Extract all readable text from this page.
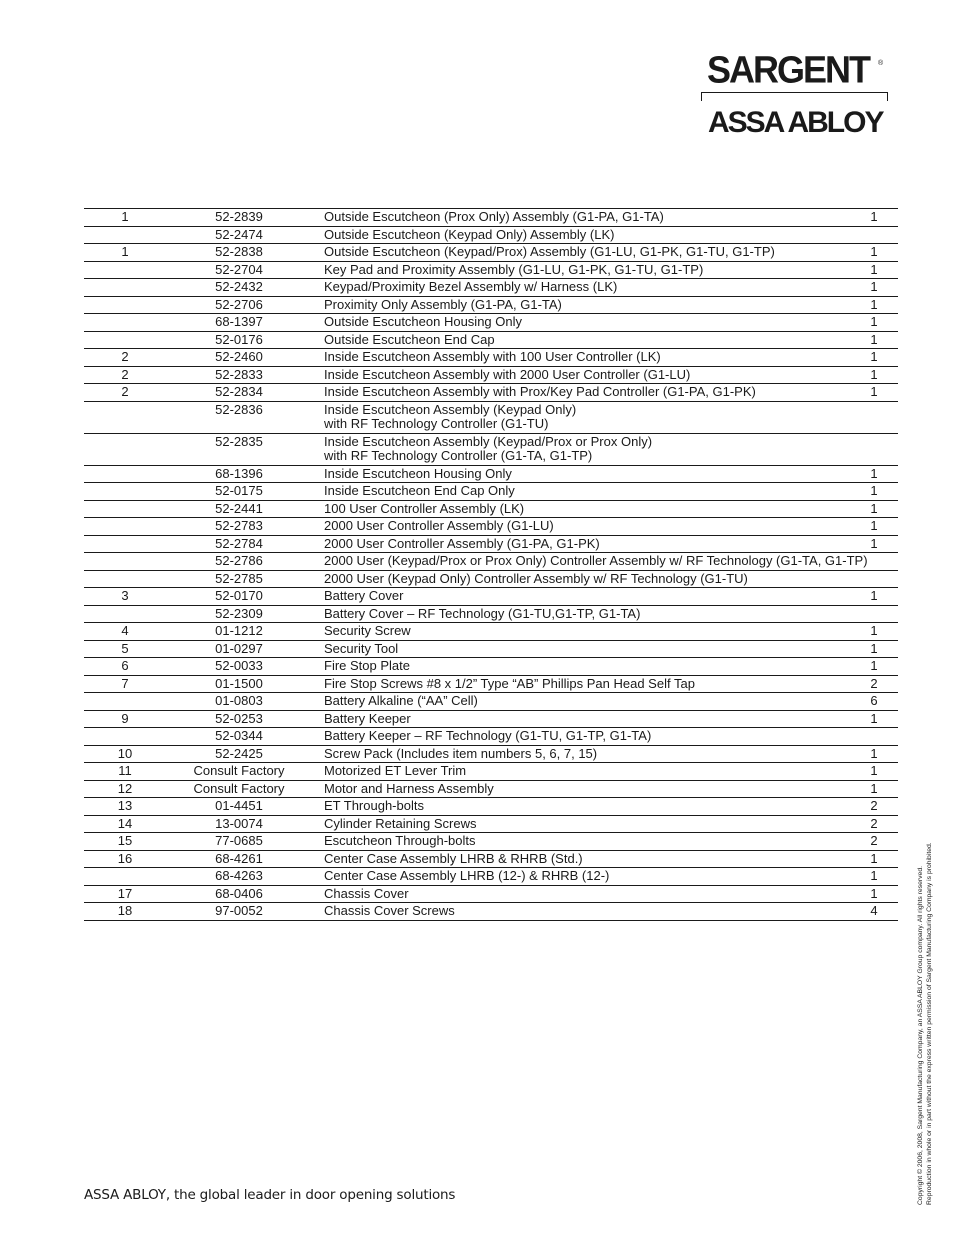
SARGENT ®
ASSA ABLOY
1	52-2839	Outside Escutcheon (Prox Only) Assembly (G1-PA, G1-TA)	1
	52-2474	Outside Escutcheon (Keypad Only) Assembly (LK)	
1	52-2838	Outside Escutcheon (Keypad/Prox) Assembly (G1-LU, G1-PK, G1-TU, G1-TP)	1
	52-2704	Key Pad and Proximity Assembly (G1-LU, G1-PK, G1-TU, G1-TP)	1
	52-2432	Keypad/Proximity Bezel Assembly w/ Harness (LK)	1
	52-2706	Proximity Only Assembly (G1-PA, G1-TA)	1
	68-1397	Outside Escutcheon Housing Only	1
	52-0176	Outside Escutcheon End Cap	1
2	52-2460	Inside Escutcheon Assembly with 100 User Controller (LK)	1
2	52-2833	Inside Escutcheon Assembly with 2000 User Controller (G1-LU)	1
2	52-2834	Inside Escutcheon Assembly with Prox/Key Pad Controller (G1-PA, G1-PK)	1
	52-2836	Inside Escutcheon Assembly (Keypad Only)
with RF Technology Controller (G1-TU)	

	52-2835	Inside Escutcheon Assembly (Keypad/Prox or Prox Only)
with RF Technology Controller (G1-TA, G1-TP)	

	68-1396	Inside Escutcheon Housing Only	1
	52-0175	Inside Escutcheon End Cap Only	1
	52-2441	100 User Controller Assembly (LK)	1
	52-2783	2000 User Controller Assembly (G1-LU)	1
	52-2784	2000 User Controller Assembly (G1-PA, G1-PK)	1
	52-2786	2000 User (Keypad/Prox or Prox Only) Controller Assembly w/ RF Technology (G1-TA, G1-TP)	
	52-2785	2000 User (Keypad Only) Controller Assembly w/ RF Technology (G1-TU)	
3	52-0170	Battery Cover	1
	52-2309	Battery Cover – RF Technology (G1-TU,G1-TP, G1-TA)	
4	01-1212	Security Screw	1
5	01-0297	Security Tool	1
6	52-0033	Fire Stop Plate	1
7	01-1500	Fire Stop Screws #8 x 1/2” Type “AB” Phillips Pan Head Self Tap	2
	01-0803	Battery Alkaline (“AA” Cell)	6
9	52-0253	Battery Keeper	1
	52-0344	Battery Keeper – RF Technology (G1-TU, G1-TP, G1-TA)	
10	52-2425	Screw Pack (Includes item numbers 5, 6, 7, 15)	1
11	Consult Factory	Motorized ET Lever Trim	1
12	Consult Factory	Motor and Harness Assembly	1
13	01-4451	ET Through-bolts	2
14	13-0074	Cylinder Retaining Screws	2
15	77-0685	Escutcheon Through-bolts	2
16	68-4261	Center Case Assembly LHRB & RHRB (Std.)	1
	68-4263	Center Case Assembly LHRB (12-) & RHRB (12-)	1
17	68-0406	Chassis Cover	1
18	97-0052	Chassis Cover Screws	4
ASSA ABLOY, the global leader in door opening solutions	Copyright © 2006, 2008, Sargent Manufacturing Company, an ASSA ABLOY Group company. All rights reserved. Reproduction in whole or in part without the express written permission of Sargent Manufacturing Company is prohibited.
